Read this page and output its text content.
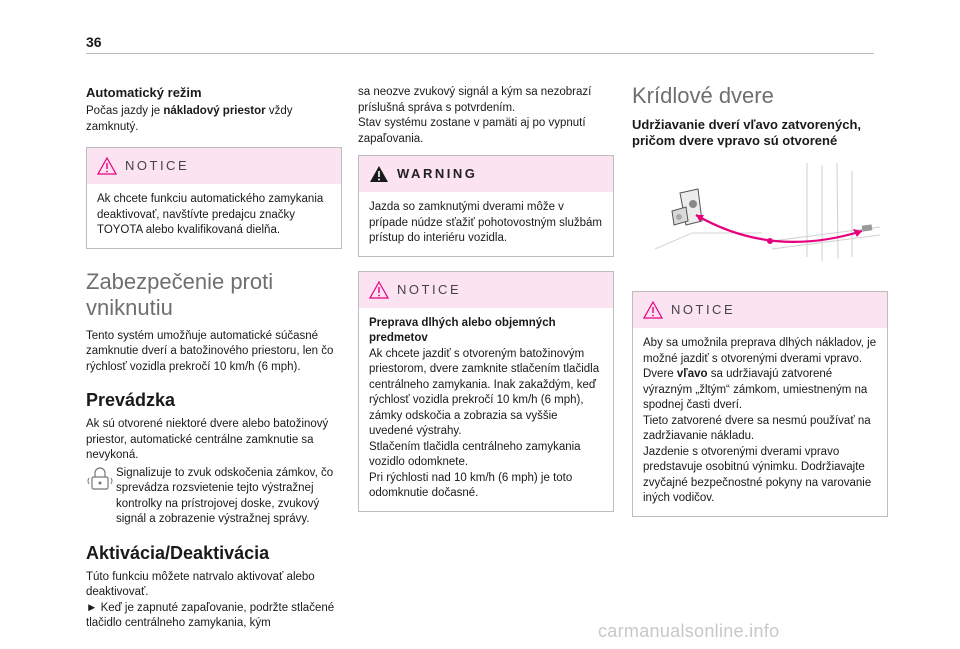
36
Automatický režim

Počas jazdy je nákladový priestor vždy zamknutý.

NOTICE
Ak chcete funkciu automatického zamykania deaktivovať, navštívte predajcu značky TOYOTA alebo kvalifikovaná dielňa.
Zabezpečenie proti vniknutiu

Tento systém umožňuje automatické súčasné zamknutie dverí a batožinového priestoru, len čo rýchlosť vozidla prekročí 10 km/h (6 mph).

Prevádzka

Ak sú otvorené niektoré dvere alebo batožinový priestor, automatické centrálne zamknutie sa nevykoná.

Signalizuje to zvuk odskočenia zámkov, čo sprevádza rozsvietenie tejto výstražnej kontrolky na prístrojovej doske, zvukový signál a zobrazenie výstražnej správy.

Aktivácia/Deaktivácia

Túto funkciu môžete natrvalo aktivovať alebo deaktivovať.

► Keď je zapnuté zapaľovanie, podržte stlačené tlačidlo centrálneho zamykania, kým

sa neozve zvukový signál a kým sa nezobrazí príslušná správa s potvrdením.
Stav systému zostane v pamäti aj po vypnutí zapaľovania.

WARNING
Jazda so zamknutými dverami môže v prípade núdze sťažiť pohotovostným službám prístup do interiéru vozidla.
NOTICE

Preprava dlhých alebo objemných predmetov

Ak chcete jazdiť s otvoreným batožinovým priestorom, dvere zamknite stlačením tlačidla centrálneho zamykania. Inak zakaždým, keď rýchlosť vozidla prekročí 10 km/h (6 mph), zámky odskočia a zobrazia sa vyššie uvedené výstrahy.
Stlačením tlačidla centrálneho zamykania vozidlo odomknete.
Pri rýchlosti nad 10 km/h (6 mph) je toto odomknutie dočasné.

Krídlové dvere
Udržiavanie dverí vľavo zatvorených, pričom dvere vpravo sú otvorené
NOTICE

Aby sa umožnila preprava dlhých nákladov, je možné jazdiť s otvorenými dverami vpravo.

Dvere vľavo sa udržiavajú zatvorené výrazným „žltým“ zámkom, umiestneným na spodnej časti dverí.

Tieto zatvorené dvere sa nesmú používať na zadržiavanie nákladu.

Jazdenie s otvorenými dverami vpravo predstavuje osobitnú výnimku. Dodržiavajte zvyčajné bezpečnostné pokyny na varovanie iných vodičov.

carmanualsonline.info
